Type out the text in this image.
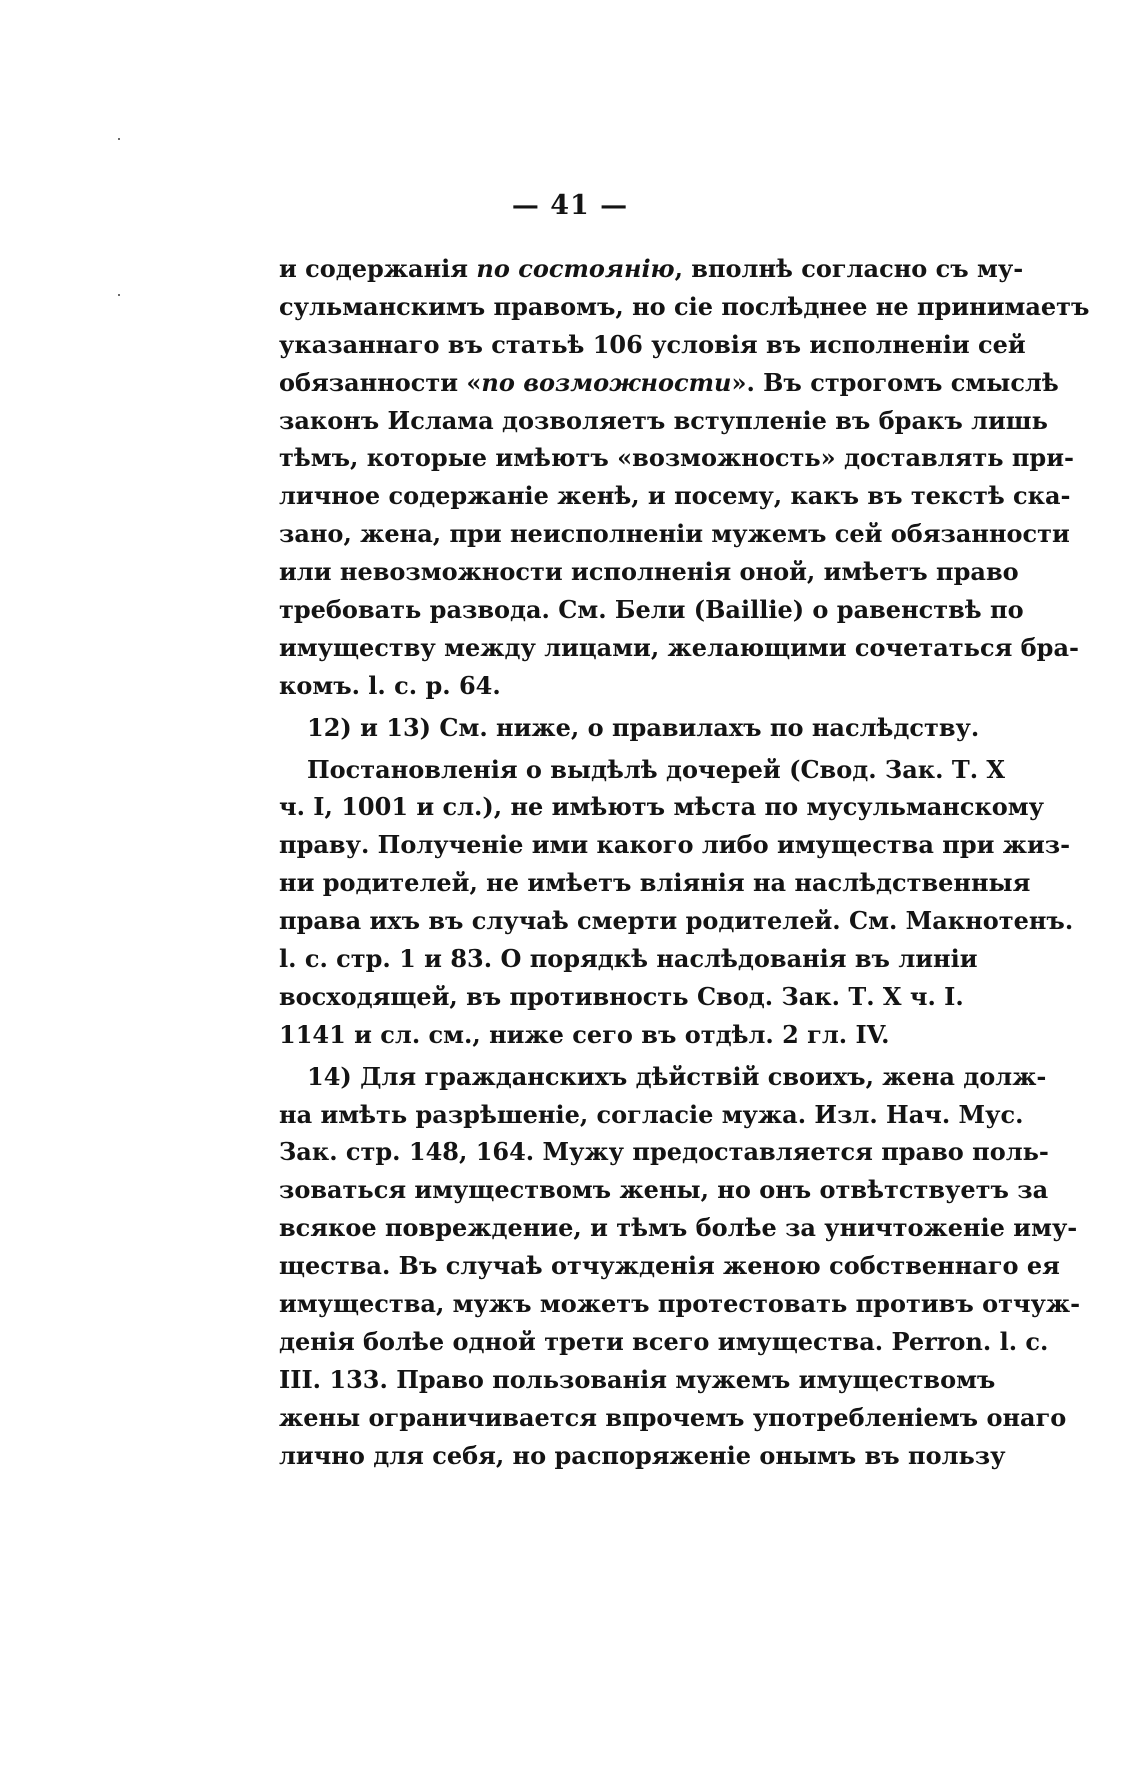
— 41 —
и содержанія по состоянію, вполнѣ согласно съ му-
сульманскимъ правомъ, но сіе послѣднее не принимаетъ
указаннаго въ статьѣ 106 условія въ исполненіи сей
обязанности «по возможности». Въ строгомъ смыслѣ
законъ Ислама дозволяетъ вступленіе въ бракъ лишь
тѣмъ, которые имѣютъ «возможность» доставлять при-
личное содержаніе женѣ, и посему, какъ въ текстѣ ска-
зано, жена, при неисполненіи мужемъ сей обязанности
или невозможности исполненія оной, имѣетъ право
требовать развода. См. Бели (Baillie) о равенствѣ по
имуществу между лицами, желающими сочетаться бра-
комъ. l. c. p. 64.
12) и 13) См. ниже, о правилахъ по наслѣдству.
Постановленія о выдѣлѣ дочерей (Свод. Зак. Т. X
ч. I, 1001 и сл.), не имѣютъ мѣста по мусульманскому
праву. Полученіе ими какого либо имущества при жиз-
ни родителей, не имѣетъ вліянія на наслѣдственныя
права ихъ въ случаѣ смерти родителей. См. Макнотенъ.
l. c. стр. 1 и 83. О порядкѣ наслѣдованія въ линіи
восходящей, въ противность Свод. Зак. Т. X ч. I.
1141 и сл. см., ниже сего въ отдѣл. 2 гл. IV.
14) Для гражданскихъ дѣйствій своихъ, жена долж-
на имѣть разрѣшеніе, согласіе мужа. Изл. Нач. Мус.
Зак. стр. 148, 164. Мужу предоставляется право поль-
зоваться имуществомъ жены, но онъ отвѣтствуетъ за
всякое повреждение, и тѣмъ болѣе за уничтоженіе иму-
щества. Въ случаѣ отчужденія женою собственнаго ея
имущества, мужъ можетъ протестовать противъ отчуж-
денія болѣе одной трети всего имущества. Perron. l. c.
III. 133. Право пользованія мужемъ имуществомъ
жены ограничивается впрочемъ употребленіемъ онаго
лично для себя, но распоряженіе онымъ въ пользу
